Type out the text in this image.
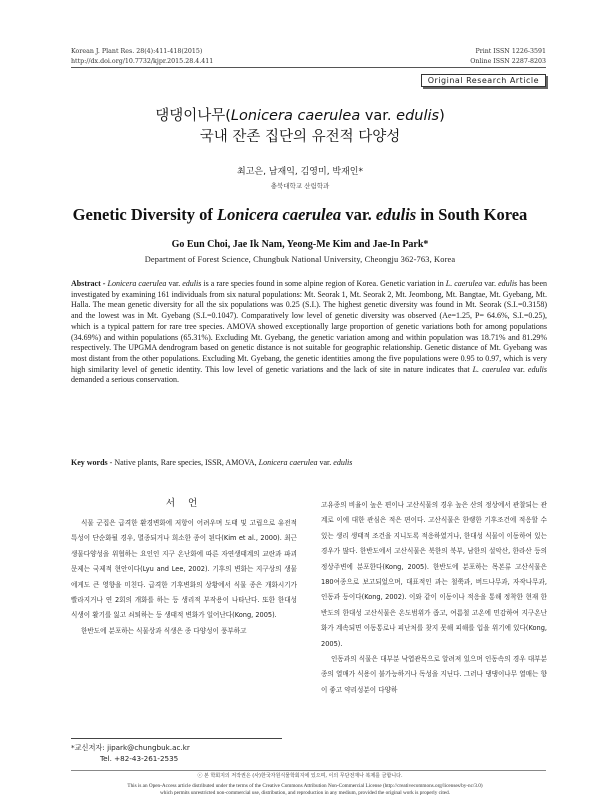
Korean J. Plant Res. 28(4):411-418(2015)
http://dx.doi.org/10.7732/kjpr.2015.28.4.411
Print ISSN 1226-3591
Online ISSN 2287-8203
Original Research Article
댕댕이나무(Lonicera caerulea var. edulis)
국내 잔존 집단의 유전적 다양성
최고은, 남재익, 김영미, 박재인*
충북대학교 산림학과
Genetic Diversity of Lonicera caerulea var. edulis in South Korea
Go Eun Choi, Jae Ik Nam, Yeong-Me Kim and Jae-In Park*
Department of Forest Science, Chungbuk National University, Cheongju 362-763, Korea
Abstract - Lonicera caerulea var. edulis is a rare species found in some alpine region of Korea. Genetic variation in L. caerulea var. edulis has been investigated by examining 161 individuals from six natural populations: Mt. Seorak 1, Mt. Seorak 2, Mt. Jeombong, Mt. Bangtae, Mt. Gyebang, Mt. Halla. The mean genetic diversity for all the six populations was 0.25 (S.I.). The highest genetic diversity was found in Mt. Seorak (S.I.=0.3158) and the lowest was in Mt. Gyebang (S.I.=0.1047). Comparatively low level of genetic diversity was observed (Ae=1.25, P= 64.6%, S.I.=0.25), which is a typical pattern for rare tree species. AMOVA showed exceptionally large proportion of genetic variations both for among populations (34.69%) and within populations (65.31%). Excluding Mt. Gyebang, the genetic variation among and within population was 18.71% and 81.29% respectively. The UPGMA dendrogram based on genetic distance is not suitable for geographic relationship. Genetic distance of Mt. Gyebang was most distant from the other populations. Excluding Mt. Gyebang, the genetic identities among the five populations were 0.95 to 0.97, which is very high similarity level of genetic identity. This low level of genetic variations and the lack of site in nature indicates that L. caerulea var. edulis demanded a serious conservation.
Key words - Native plants, Rare species, ISSR, AMOVA, Lonicera caerulea var. edulis
서 언

식물 군집은 급격한 환경변화에 저항이 어려우며 도태 및 고립으로 유전적 특성이 단순화될 경우, 멸종되거나 희소한 종이 된다(Kim et al., 2000). 최근 생물다양성을 위협하는 요인인 지구 온난화에 따른 자연생태계의 교란과 파괴문제는 국제적 현안이다(Lyu and Lee, 2002). 기후의 변화는 지구상의 생물에게도 큰 영향을 미친다. 급격한 기후변화의 상황에서 식물 종은 개화시기가 빨라지거나 연 2회의 개화를 하는 등 생리적 부작용이 나타난다. 또한 한대성 식생이 활기를 잃고 쇠퇴하는 등 생태적 변화가 일어난다(Kong, 2005).

한반도에 분포하는 식물상과 식생은 종 다양성이 풍부하고

고유종의 비율이 높은 편이나 고산식물의 경우 높은 산의 정상에서 관찰되는 관계로 이에 대한 관심은 적은 편이다. 고산식물은 한랭한 기후조건에 적응할 수 있는 생리 생태적 조건을 지니도록 적응하였거나, 한대성 식물이 이동하여 있는 경우가 많다. 한반도에서 고산식물은 북한의 북부, 남한의 설악산, 한라산 등의 정상주변에 분포한다(Kong, 2005). 한반도에 분포하는 목본류 고산식물은 180여종으로 보고되었으며, 대표적인 과는 철쭉과, 버드나무과, 자작나무과, 인동과 등이다(Kong, 2002). 이와 같이 이동이나 적응을 통해 정착한 현재 한반도의 한대성 고산식물은 온도범위가 좁고, 여름철 고온에 민감하여 지구온난화가 계속되면 이동통로나 피난처를 찾지 못해 피해를 입을 위기에 있다(Kong, 2005).

인동과의 식물은 대부분 낙엽관목으로 알려져 있으며 인동속의 경우 대부분 종의 열매가 식용이 불가능하거나 독성을 지닌다. 그러나 댕댕이나무 열매는 향이 좋고 약리성분이 다양하

*교신저자: jipark@chungbuk.ac.kr
Tel. +82-43-261-2535
ⓒ 본 학회지의 저작권은 (사)한국자원식물학회지에 있으며, 이의 무단전재나 복제를 금합니다.
This is an Open-Access article distributed under the terms of the Creative Commons Attribution Non-Commercial License (http://creativecommons.org/licenses/by-nc/3.0)
which permits unrestricted non-commercial use, distribution, and reproduction in any medium, provided the original work is properly cited.
